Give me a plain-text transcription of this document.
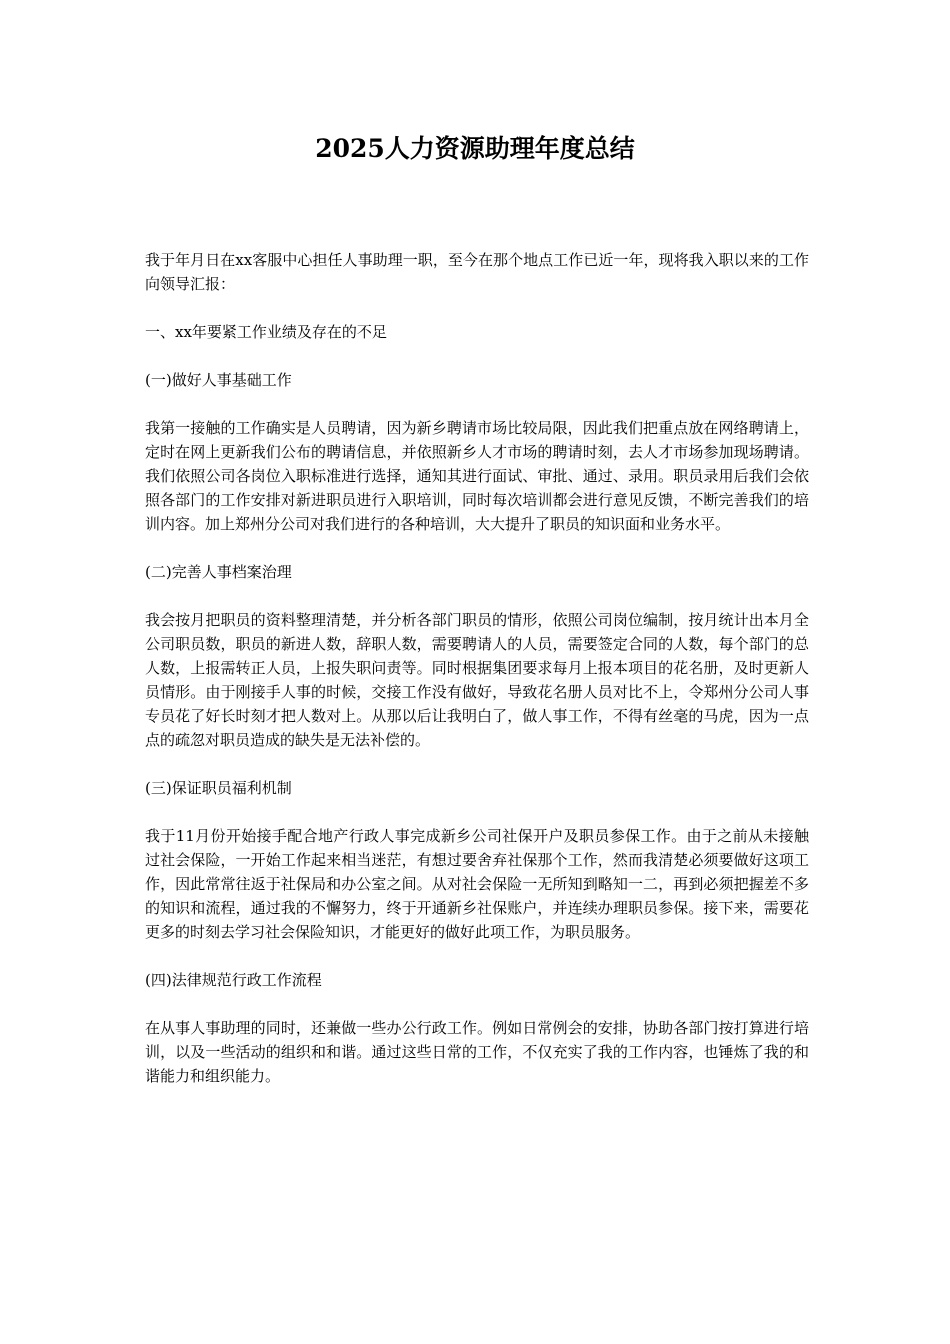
2025人力资源助理年度总结

我于年月日在xx客服中心担任人事助理一职，至今在那个地点工作已近一年，现将我入职以来的工作向领导汇报：

一、xx年要紧工作业绩及存在的不足

(一)做好人事基础工作

我第一接触的工作确实是人员聘请，因为新乡聘请市场比较局限，因此我们把重点放在网络聘请上，定时在网上更新我们公布的聘请信息，并依照新乡人才市场的聘请时刻，去人才市场参加现场聘请。我们依照公司各岗位入职标准进行选择，通知其进行面试、审批、通过、录用。职员录用后我们会依照各部门的工作安排对新进职员进行入职培训，同时每次培训都会进行意见反馈，不断完善我们的培训内容。加上郑州分公司对我们进行的各种培训，大大提升了职员的知识面和业务水平。

(二)完善人事档案治理

我会按月把职员的资料整理清楚，并分析各部门职员的情形，依照公司岗位编制，按月统计出本月全公司职员数，职员的新进人数，辞职人数，需要聘请人的人员，需要签定合同的人数，每个部门的总人数，上报需转正人员，上报失职问责等。同时根据集团要求每月上报本项目的花名册，及时更新人员情形。由于刚接手人事的时候，交接工作没有做好，导致花名册人员对比不上，令郑州分公司人事专员花了好长时刻才把人数对上。从那以后让我明白了，做人事工作，不得有丝毫的马虎，因为一点点的疏忽对职员造成的缺失是无法补偿的。

(三)保证职员福利机制

我于11月份开始接手配合地产行政人事完成新乡公司社保开户及职员参保工作。由于之前从未接触过社会保险，一开始工作起来相当迷茫，有想过要舍弃社保那个工作，然而我清楚必须要做好这项工作，因此常常往返于社保局和办公室之间。从对社会保险一无所知到略知一二，再到必须把握差不多的知识和流程，通过我的不懈努力，终于开通新乡社保账户，并连续办理职员参保。接下来，需要花更多的时刻去学习社会保险知识，才能更好的做好此项工作，为职员服务。

(四)法律规范行政工作流程

在从事人事助理的同时，还兼做一些办公行政工作。例如日常例会的安排，协助各部门按打算进行培训，以及一些活动的组织和和谐。通过这些日常的工作，不仅充实了我的工作内容，也锤炼了我的和谐能力和组织能力。
